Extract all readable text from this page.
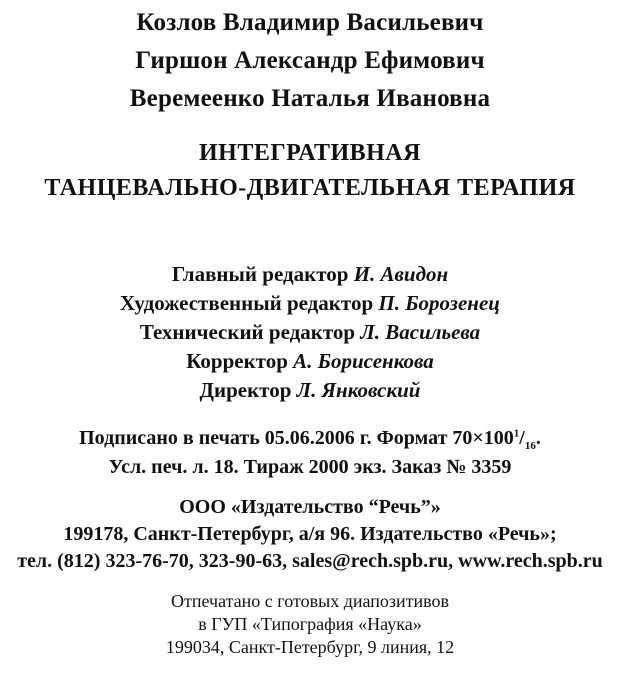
Козлов Владимир Васильевич
Гиршон Александр Ефимович
Веремеенко Наталья Ивановна
ИНТЕГРАТИВНАЯ
ТАНЦЕВАЛЬНО-ДВИГАТЕЛЬНАЯ ТЕРАПИЯ
Главный редактор И. Авидон
Художественный редактор П. Борозенец
Технический редактор Л. Васильева
Корректор А. Борисенкова
Директор Л. Янковский
Подписано в печать 05.06.2006 г. Формат $70\times 100^1/_{16}$.
Усл. печ. л. 18. Тираж 2000 экз. Заказ № 3359
ООО «Издательство “Речь”»
199178, Санкт-Петербург, а/я 96. Издательство «Речь»;
тел. (812) 323-76-70, 323-90-63, sales@rech.spb.ru, www.rech.spb.ru
Отпечатано с готовых диапозитивов
в ГУП «Типография «Наука»
199034, Санкт-Петербург, 9 линия, 12
